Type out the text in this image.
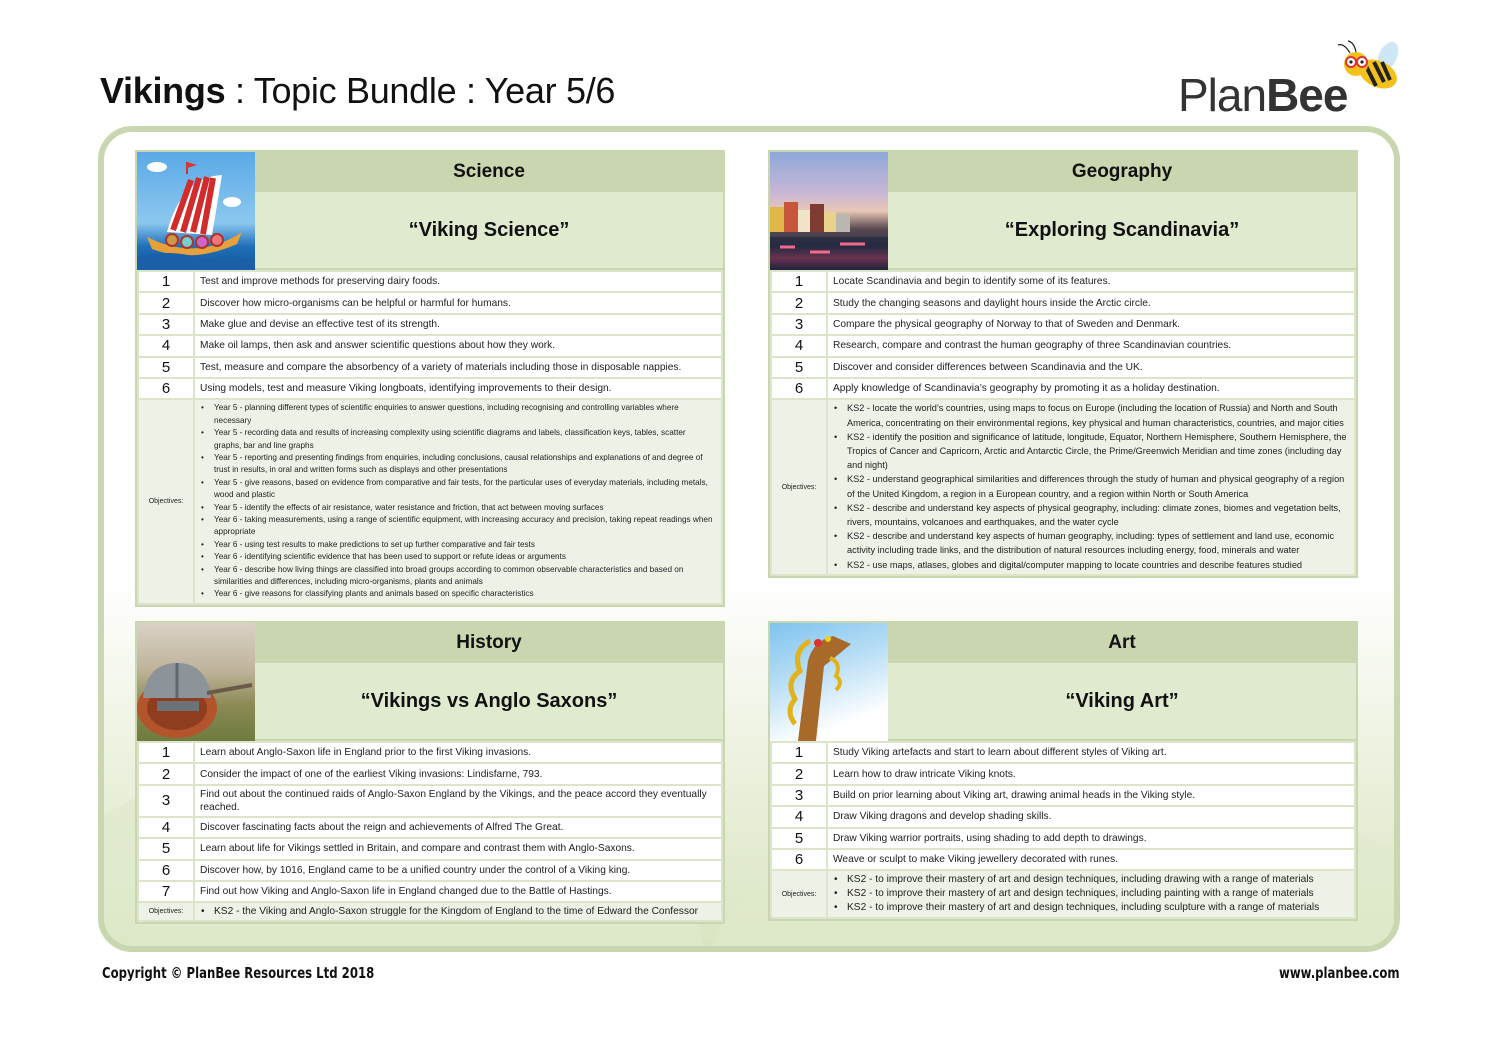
Vikings : Topic Bundle : Year 5/6	PlanBee
Science
“Viking Science”
1	Test and improve methods for preserving dairy foods.
2	Discover how micro-organisms can be helpful or harmful for humans.
3	Make glue and devise an effective test of its strength.
4	Make oil lamps, then ask and answer scientific questions about how they work.
5	Test, measure and compare the absorbency of a variety of materials including those in disposable nappies.
6	Using models, test and measure Viking longboats, identifying improvements to their design.
Objectives:	
• Year 5 - planning different types of scientific enquiries to answer questions, including recognising and controlling variables where necessary
• Year 5 - recording data and results of increasing complexity using scientific diagrams and labels, classification keys, tables, scatter graphs, bar and line graphs
• Year 5 - reporting and presenting findings from enquiries, including conclusions, causal relationships and explanations of and degree of trust in results, in oral and written forms such as displays and other presentations
• Year 5 - give reasons, based on evidence from comparative and fair tests, for the particular uses of everyday materials, including metals, wood and plastic
• Year 5 - identify the effects of air resistance, water resistance and friction, that act between moving surfaces
• Year 6 - taking measurements, using a range of scientific equipment, with increasing accuracy and precision, taking repeat readings when appropriate
• Year 6 - using test results to make predictions to set up further comparative and fair tests
• Year 6 - identifying scientific evidence that has been used to support or refute ideas or arguments
• Year 6 - describe how living things are classified into broad groups according to common observable characteristics and based on similarities and differences, including micro-organisms, plants and animals
• Year 6 - give reasons for classifying plants and animals based on specific characteristics
Geography
“Exploring Scandinavia”
1	Locate Scandinavia and begin to identify some of its features.
2	Study the changing seasons and daylight hours inside the Arctic circle.
3	Compare the physical geography of Norway to that of Sweden and Denmark.
4	Research, compare and contrast the human geography of three Scandinavian countries.
5	Discover and consider differences between Scandinavia and the UK.
6	Apply knowledge of Scandinavia’s geography by promoting it as a holiday destination.
Objectives:	
• KS2 - locate the world’s countries, using maps to focus on Europe (including the location of Russia) and North and South America, concentrating on their environmental regions, key physical and human characteristics, countries, and major cities
• KS2 - identify the position and significance of latitude, longitude, Equator, Northern Hemisphere, Southern Hemisphere, the Tropics of Cancer and Capricorn, Arctic and Antarctic Circle, the Prime/Greenwich Meridian and time zones (including day and night)
• KS2 - understand geographical similarities and differences through the study of human and physical geography of a region of the United Kingdom, a region in a European country, and a region within North or South America
• KS2 - describe and understand key aspects of physical geography, including: climate zones, biomes and vegetation belts, rivers, mountains, volcanoes and earthquakes, and the water cycle
• KS2 - describe and understand key aspects of human geography, including: types of settlement and land use, economic activity including trade links, and the distribution of natural resources including energy, food, minerals and water
• KS2 - use maps, atlases, globes and digital/computer mapping to locate countries and describe features studied
History
“Vikings vs Anglo Saxons”
1	Learn about Anglo-Saxon life in England prior to the first Viking invasions.
2	Consider the impact of one of the earliest Viking invasions: Lindisfarne, 793.
3	Find out about the continued raids of Anglo-Saxon England by the Vikings, and the peace accord they eventually reached.
4	Discover fascinating facts about the reign and achievements of Alfred The Great.
5	Learn about life for Vikings settled in Britain, and compare and contrast them with Anglo-Saxons.
6	Discover how, by 1016, England came to be a unified country under the control of a Viking king.
7	Find out how Viking and Anglo-Saxon life in England changed due to the Battle of Hastings.
Objectives:	
•KS2 - the Viking and Anglo-Saxon struggle for the Kingdom of England to the time of Edward the Confessor
Art
“Viking Art”
1	Study Viking artefacts and start to learn about different styles of Viking art.
2	Learn how to draw intricate Viking knots.
3	Build on prior learning about Viking art, drawing animal heads in the Viking style.
4	Draw Viking dragons and develop shading skills.
5	Draw Viking warrior portraits, using shading to add depth to drawings.
6	Weave or sculpt to make Viking jewellery decorated with runes.
Objectives:	
• KS2 - to improve their mastery of art and design techniques, including drawing with a range of materials
• KS2 - to improve their mastery of art and design techniques, including painting with a range of materials
• KS2 - to improve their mastery of art and design techniques, including sculpture with a range of materials
Copyright © PlanBee Resources Ltd 2018	www.planbee.com
